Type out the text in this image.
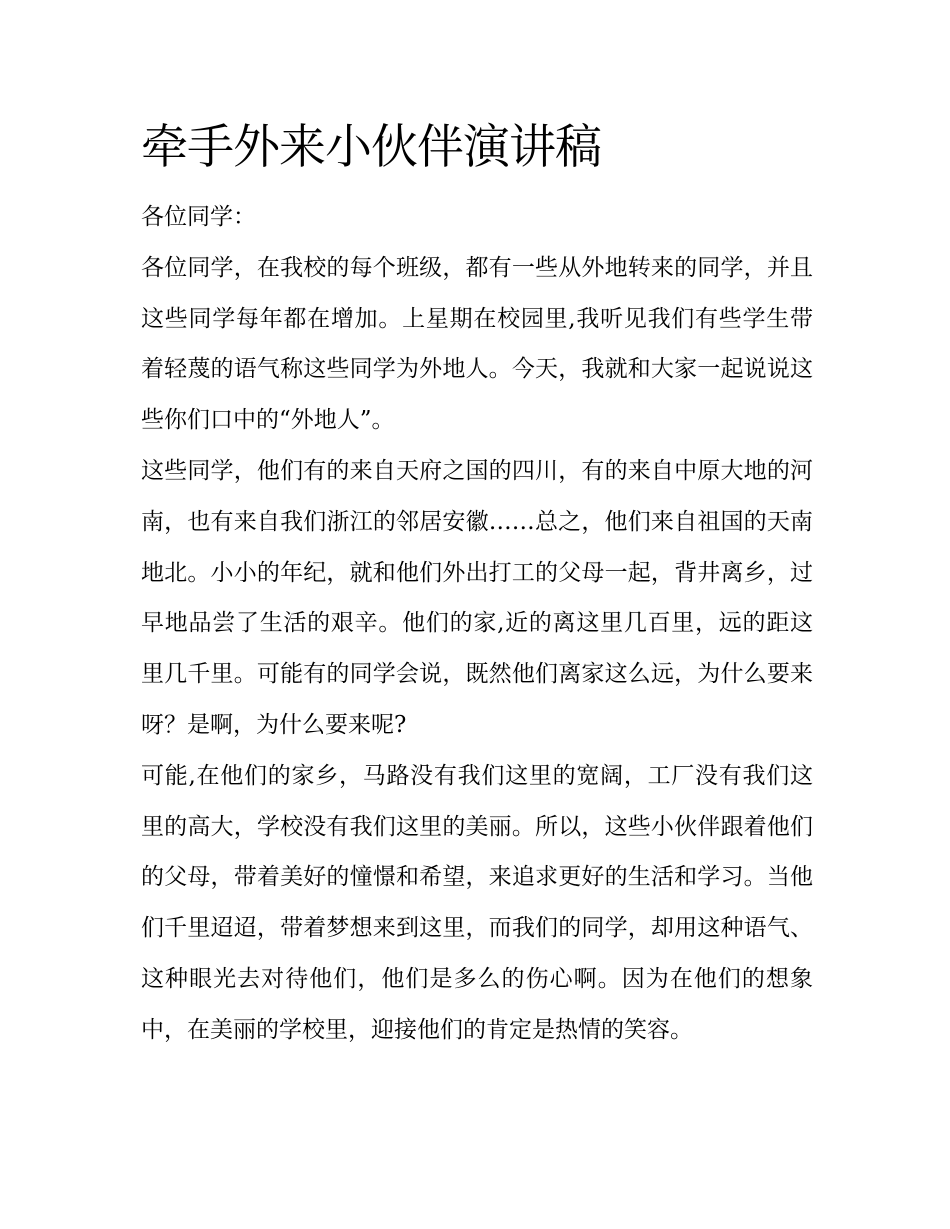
牵手外来小伙伴演讲稿

各位同学：

各位同学，在我校的每个班级，都有一些从外地转来的同学，并且这些同学每年都在增加。上星期在校园里,我听见我们有些学生带着轻蔑的语气称这些同学为外地人。今天，我就和大家一起说说这些你们口中的“外地人”。

这些同学，他们有的来自天府之国的四川，有的来自中原大地的河南，也有来自我们浙江的邻居安徽……总之，他们来自祖国的天南地北。小小的年纪，就和他们外出打工的父母一起，背井离乡，过早地品尝了生活的艰辛。他们的家,近的离这里几百里，远的距这里几千里。可能有的同学会说，既然他们离家这么远，为什么要来呀？是啊，为什么要来呢?

可能,在他们的家乡，马路没有我们这里的宽阔，工厂没有我们这里的高大，学校没有我们这里的美丽。所以，这些小伙伴跟着他们的父母，带着美好的憧憬和希望，来追求更好的生活和学习。当他们千里迢迢，带着梦想来到这里，而我们的同学，却用这种语气、这种眼光去对待他们，他们是多么的伤心啊。因为在他们的想象中，在美丽的学校里，迎接他们的肯定是热情的笑容。
